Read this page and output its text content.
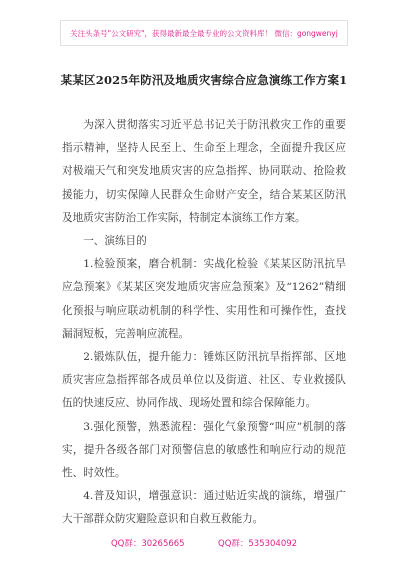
关注头条号"公文研究"，获得最新最全最专业的公文资料库！ 微信：gongwenyj
某某区2025年防汛及地质灾害综合应急演练工作方案1

为深入贯彻落实习近平总书记关于防汛救灾工作的重要指示精神，坚持人民至上、生命至上理念，全面提升我区应对极端天气和突发地质灾害的应急指挥、协同联动、抢险救援能力，切实保障人民群众生命财产安全，结合某某区防汛及地质灾害防治工作实际，特制定本演练工作方案。

一、演练目的

1.检验预案，磨合机制：实战化检验《某某区防汛抗旱应急预案》《某某区突发地质灾害应急预案》及“1262”精细化预报与响应联动机制的科学性、实用性和可操作性，查找漏洞短板，完善响应流程。

2.锻炼队伍，提升能力：锤炼区防汛抗旱指挥部、区地质灾害应急指挥部各成员单位以及街道、社区、专业救援队伍的快速反应、协同作战、现场处置和综合保障能力。

3.强化预警，熟悉流程：强化气象预警“叫应”机制的落实，提升各级各部门对预警信息的敏感性和响应行动的规范性、时效性。

4.普及知识，增强意识：通过贴近实战的演练，增强广大干部群众防灾避险意识和自救互救能力。

QQ群：30265665	QQ群：535304092
